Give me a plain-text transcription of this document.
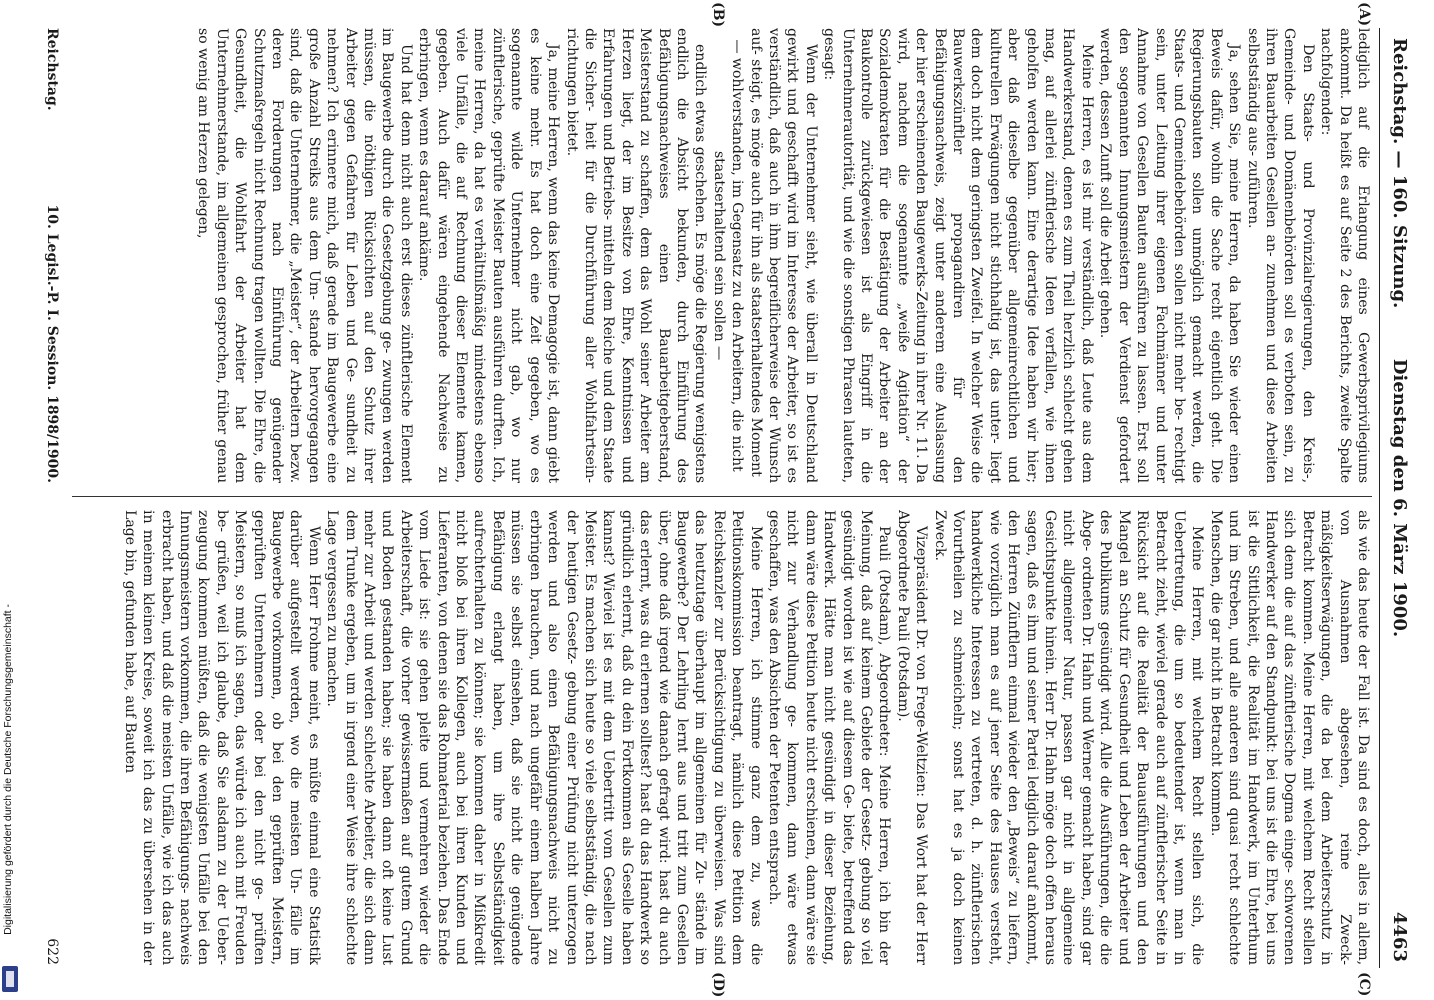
Reichstag. — 160. Sitzung.
Dienstag den 6. März 1900.
4463
(A)
(B)
(C)
(D)

lediglich auf die Erlangung eines Gewerbsprivilegiums ankommt. Da heißt es auf Seite 2 des Berichts, zweite Spalte nachfolgender:

Den Staats- und Provinzialregierungen, den Kreis-, Gemeinde- und Domänenbehörden soll es verboten sein, zu ihren Bauarbeiten Gesellen an- zunehmen und diese Arbeiten selbstständig aus- zuführen.

Ja, sehen Sie, meine Herren, da haben Sie wieder einen Beweis dafür, wohin die Sache recht eigentlich geht. Die Regierungsbauten sollen unmöglich gemacht werden, die Staats- und Gemeindebehörden sollen nicht mehr be- rechtigt sein, unter Leitung ihrer eigenen Fachmänner und unter Annahme von Gesellen Bauten ausführen zu lassen. Erst soll den sogenannten Innungsmeistern der Verdienst gefordert werden, dessen Zunft soll die Arbeit gehen.

Meine Herren, es ist mir verständlich, daß Leute aus dem Handwerkerstand, denen es zum Theil herzlich schlecht gehen mag, auf allerlei zünftlerische Ideen verfallen, wie ihnen geholfen werden kann. Eine derartige Idee haben wir hier; aber daß dieselbe gegenüber allgemeinrechtlichen und kulturellen Erwägungen nicht stichhaltig ist, das unter- liegt dem doch nicht dem geringsten Zweifel. In welcher Weise die Bauwerkszünftler propagandiren für den Befähigungsnachweis, zeigt unter anderem eine Auslassung der hier erscheinenden Baugewerks-Zeitung in ihrer Nr. 11. Da wird, nachdem die sogenannte „weiße Agitation“ der Sozialdemokraten für die Bestätigung der Arbeiter an der Baukontrolle zurückgewiesen ist als Eingriff in die Unternehmerautorität, und wie die sonstigen Phrasen lauteten, gesagt:

Wenn der Unternehmer sieht, wie überall in Deutschland gewirkt und geschafft wird im Interesse der Arbeiter, so ist es verständlich, daß auch in ihm begreiflicherweise der Wunsch auf- steigt, es möge auch für ihn als staatserhaltendes Moment

— wohlverstanden, im Gegensatz zu den Arbeitern, die nicht staatserhaltend sein sollen —

endlich etwas geschehen. Es möge die Regierung wenigstens endlich die Absicht bekunden, durch Einführung des Befähigungsnachweises einen Bauarbeitgeberstand, Meisterstand zu schaffen, dem das Wohl seiner Arbeiter am Herzen liegt, der im Besitze von Ehre, Kenntnissen und Erfahrungen und Betriebs- mitteln dem Reiche und dem Staate die Sicher- heit für die Durchführung aller Wohlfahrtsein- richtungen bietet.

Ja, meine Herren, wenn das keine Demagogie ist, dann giebt es keine mehr. Es hat doch eine Zeit gegeben, wo es sogenannte wilde Unternehmer nicht gab, wo nur zünftlerische, geprüfte Meister Bauten ausführen durften. Ich, meine Herren, da hat es verhältnißmäßig mindestens ebenso viele Unfälle, die auf Rechnung dieser Elemente kamen, gegeben. Auch dafür wären eingehende Nachweise zu erbringen, wenn es darauf ankäme.

Und hat denn nicht auch erst dieses zünftlerische Element im Baugewerbe durch die Gesetzgebung ge- zwungen werden müssen, die nöthigen Rücksichten auf den Schutz ihrer Arbeiter gegen Gefahren für Leben und Ge- sundheit zu nehmen? Ich erinnere mich, daß gerade im Baugewerbe eine große Anzahl Streiks aus dem Um- stande hervorgegangen sind, daß die Unternehmer, die „Meister“, der Arbeitern bezw. deren Forderungen nach Einführung genügender Schutzmaßregeln nicht Rechnung tragen wollten. Die Ehre, die Gesundheit, die Wohlfahrt der Arbeiter hat dem Unternehmerstande, im allgemeinen gesprochen, früher genau so wenig am Herzen gelegen,

als wie das heute der Fall ist. Da sind es doch, alles in allem, von Ausnahmen abgesehen, reine Zweck- mäßigkeitserwägungen, die da bei dem Arbeiterschutz in Betracht kommen. Meine Herren, mit welchem Recht stellen sich denn die auf das zünftlerische Dogma einge- schworenen Handwerker auf den Standpunkt: bei uns ist die Ehre, bei uns ist die Sittlichkeit, die Realität im Handwerk, im Unterthum und im Streben, und alle anderen sind quasi recht schlechte Menschen, die gar nicht in Betracht kommen.

Meine Herren, mit welchem Recht stellen sich, die Uebertretung, die um so bedeutender ist, wenn man in Betracht zieht, wieviel gerade auch auf zünftlerischer Seite in Rücksicht auf die Realität der Bauausführungen und den Mangel an Schutz für Gesundheit und Leben der Arbeiter und des Publikums gesündigt wird. Alle die Ausführungen, die die Abge- ordneten Dr. Hahn und Werner gemacht haben, sind gar nicht allgemeiner Natur, passen gar nicht in allgemeine Gesichtspunkte hinein. Herr Dr. Hahn möge doch offen heraus sagen, daß es ihm und seiner Partei lediglich darauf ankommt, den Herren Zünftlern einmal wieder den „Beweis“ zu liefern, wie vorzüglich man es auf jener Seite des Hauses versteht, handwerkliche Interessen zu vertreten, d. h. zünftlerischen Vorurtheilen zu schmeicheln; sonst hat es ja doch keinen Zweck.

Vizepräsident Dr. von Frege-Weltzien: Das Wort hat der Herr Abgeordnete Pauli (Potsdam).

Pauli (Potsdam), Abgeordneter: Meine Herren, ich bin der Meinung, daß auf keinem Gebiete der Gesetz- gebung so viel gesündigt worden ist wie auf diesem Ge- biete, betreffend das Handwerk. Hätte man nicht gesündigt in dieser Beziehung, dann wäre diese Petition heute nicht erschienen, dann wäre sie nicht zur Verhandlung ge- kommen, dann wäre etwas geschaffen, was den Absichten der Petenten entsprach.

Meine Herren, ich stimme ganz dem zu, was die Petitionskommission beantragt, nämlich diese Petition dem Reichskanzler zur Berücksichtigung zu überweisen. Was sind das heutzutage überhaupt im allgemeinen für Zu- stände im Baugewerbe? Der Lehrling lernt aus und tritt zum Gesellen über, ohne daß irgend wie danach gefragt wird: hast du auch das erlernt, was du erlernen solltest? hast du das Handwerk so gründlich erlernt, daß du dein Fortkommen als Geselle haben kannst? Wieviel ist es mit dem Uebertritt vom Gesellen zum Meister. Es machen sich heute so viele selbstständig, die nach der heutigen Gesetz- gebung einer Prüfung nicht unterzogen werden und also einen Befähigungsnachweis nicht zu erbringen brauchen, und nach ungefähr einem halben Jahre müssen sie selbst einsehen, daß sie nicht die genügende Befähigung erlangt haben, um ihre Selbstständigkeit aufrechterhalten zu können; sie kommen daher in Mißkredit nicht bloß bei ihren Kollegen, auch bei ihren Kunden und Lieferanten, von denen sie das Rohmaterial beziehen. Das Ende vom Liede ist: sie gehen pleite und vermehren wieder die Arbeiterschaft, die vorher gewissermaßen auf gutem Grund und Boden gestanden haben; sie haben dann oft keine Lust mehr zur Arbeit und werden schlechte Arbeiter, die sich dann dem Trunke ergeben, um in irgend einer Weise ihre schlechte Lage vergessen zu machen.

Wenn Herr Frohme meint, es müßte einmal eine Statistik darüber aufgestellt werden, wo die meisten Un- fälle im Baugewerbe vorkommen, ob bei den geprüften Meistern, geprüften Unternehmern oder bei den nicht ge- prüften Meistern, so muß ich sagen, das würde ich auch mit Freuden be- grüßen, weil ich glaube, daß Sie alsdann zu der Ueber- zeugung kommen müßten, daß die wenigsten Unfälle bei den Innungsmeistern vorkommen, die ihren Befähigungs- nachweis erbracht haben, und daß die meisten Unfälle, wie ich das auch in meinem kleinen Kreise, soweit ich das zu übersehen in der Lage bin, gefunden habe, auf Bauten

Reichstag.
10. Legisl.-P. I. Session. 1898/1900.
622
Digitalisierung gefördert durch die Deutsche Forschungsgemeinschaft -
